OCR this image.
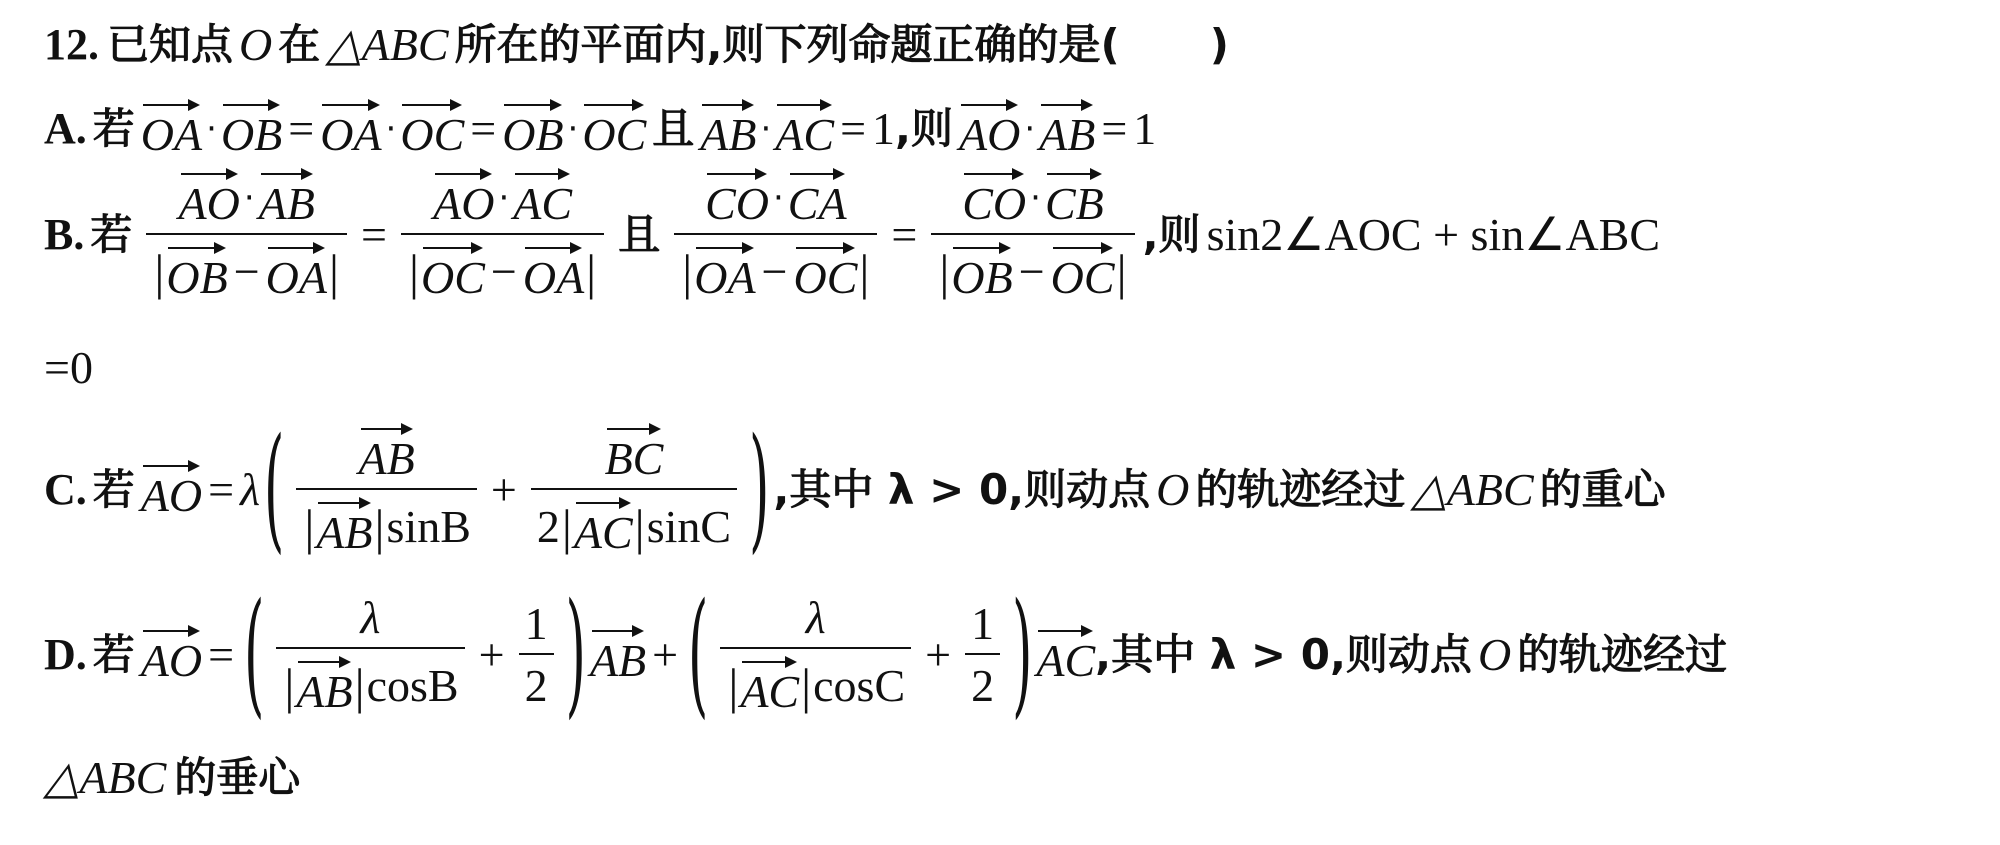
12. 已知点 O 在 △ABC 所在的平面内,则下列命题正确的是( )
A. 若 OA · OB = OA · OC = OB · OC 且 AB · AC = 1 ,则 AO · AB = 1
B. 若 $\frac{AO \cdot AB}{| OB - OA |} = \frac{AO \cdot AC}{| OC - OA |}$ 且 $\frac{CO \cdot CA}{| OA - OC |} = \frac{CO \cdot CB}{| OB - OC |}$ ,则 sin2∠AOC + sin∠ABC
=0
C. 若 AO = λ ( $\frac{AB}{| AB | \sin B} + \frac{BC}{2 | AC | \sin C}$ ) ,其中 λ > 0,则动点 O 的轨迹经过 △ABC 的重心
D. 若 AO = ( $\frac{\lambda}{| AB | \cos B} + \frac{1}{2}$ ) AB + ( $\frac{\lambda}{| AC | \cos C} + \frac{1}{2}$ ) AC ,其中 λ > 0,则动点 O 的轨迹经过
△ABC 的垂心
